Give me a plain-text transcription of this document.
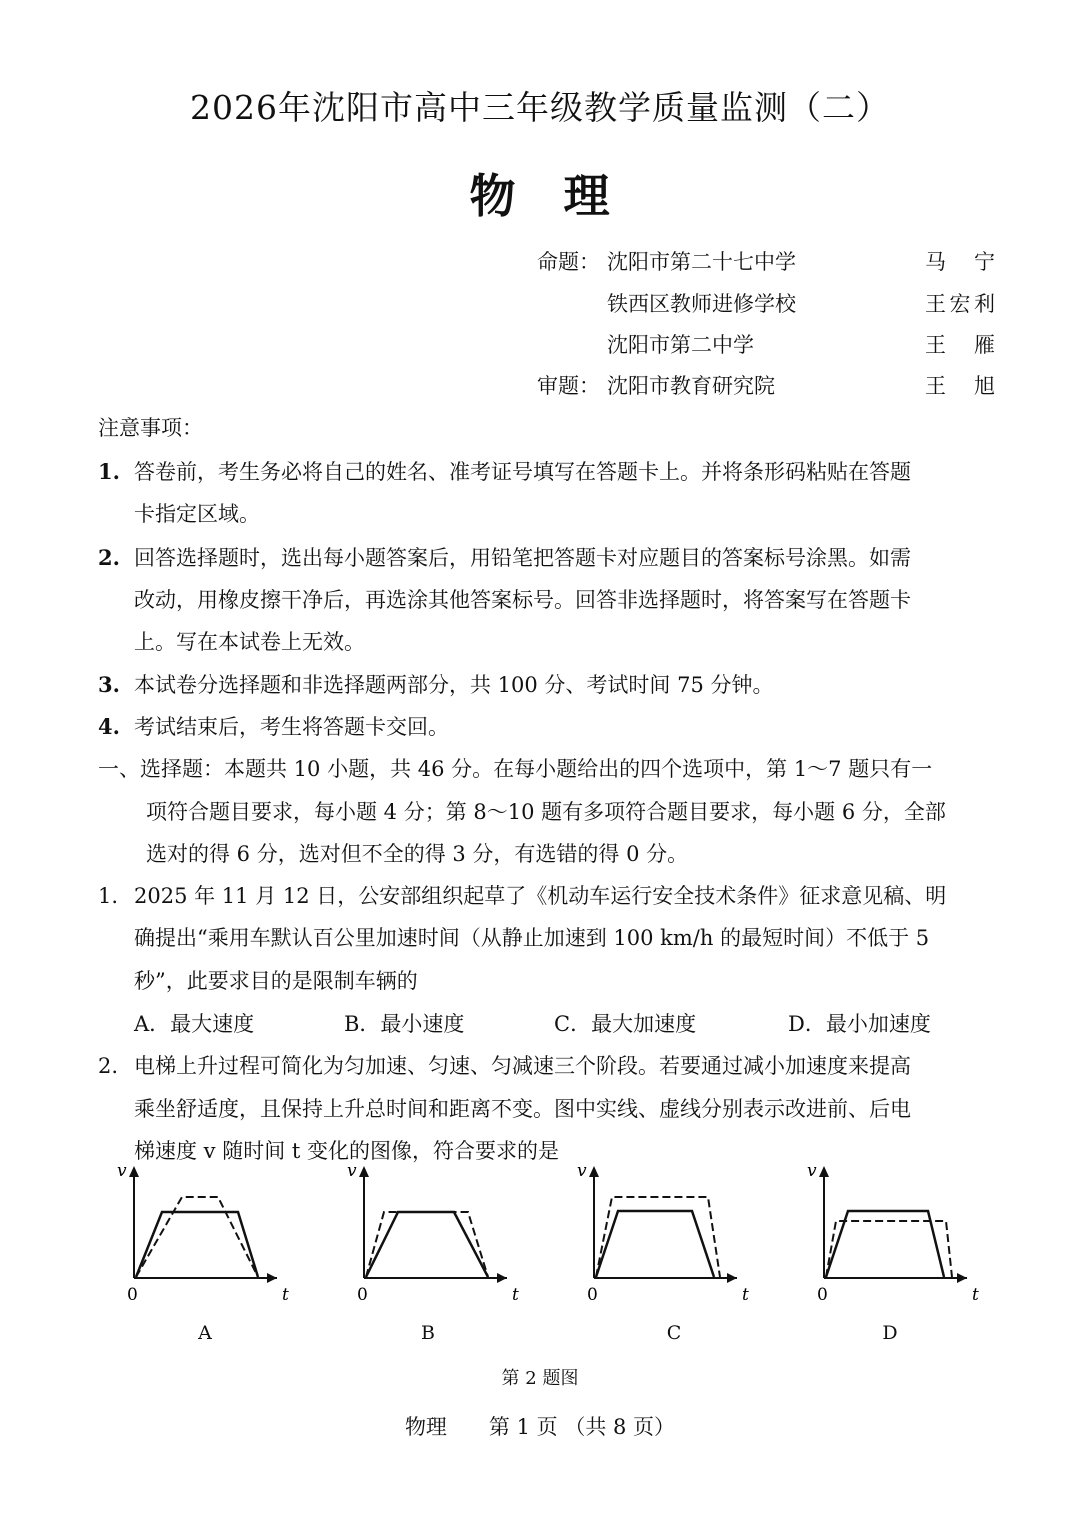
2026年沈阳市高中三年级教学质量监测（二）
物　理
命题： 沈阳市第二十七中学	马宁
铁西区教师进修学校	王宏利
沈阳市第二中学	王雁
审题： 沈阳市教育研究院	王旭
注意事项：
1. 答卷前，考生务必将自己的姓名、准考证号填写在答题卡上。并将条形码粘贴在答题
卡指定区域。
2. 回答选择题时，选出每小题答案后，用铅笔把答题卡对应题目的答案标号涂黑。如需
改动，用橡皮擦干净后，再选涂其他答案标号。回答非选择题时，将答案写在答题卡
上。写在本试卷上无效。
3. 本试卷分选择题和非选择题两部分，共 100 分、考试时间 75 分钟。
4. 考试结束后，考生将答题卡交回。
一、选择题：本题共 10 小题，共 46 分。在每小题给出的四个选项中，第 1～7 题只有一
项符合题目要求，每小题 4 分；第 8～10 题有多项符合题目要求，每小题 6 分，全部
选对的得 6 分，选对但不全的得 3 分，有选错的得 0 分。
1. 2025 年 11 月 12 日，公安部组织起草了《机动车运行安全技术条件》征求意见稿、明
确提出“乘用车默认百公里加速时间（从静止加速到 100 km/h 的最短时间）不低于 5
秒”，此要求目的是限制车辆的
A．最大速度	B．最小速度	C．最大加速度	D．最小加速度
2. 电梯上升过程可简化为匀加速、匀速、匀减速三个阶段。若要通过减小加速度来提高
乘坐舒适度，且保持上升总时间和距离不变。图中实线、虚线分别表示改进前、后电
梯速度 v 随时间 t 变化的图像，符合要求的是
v
0	t
v
0	t
v
0	t
v
0	t
A	B	C	D
第 2 题图
物理　　第 1 页 （共 8 页）
